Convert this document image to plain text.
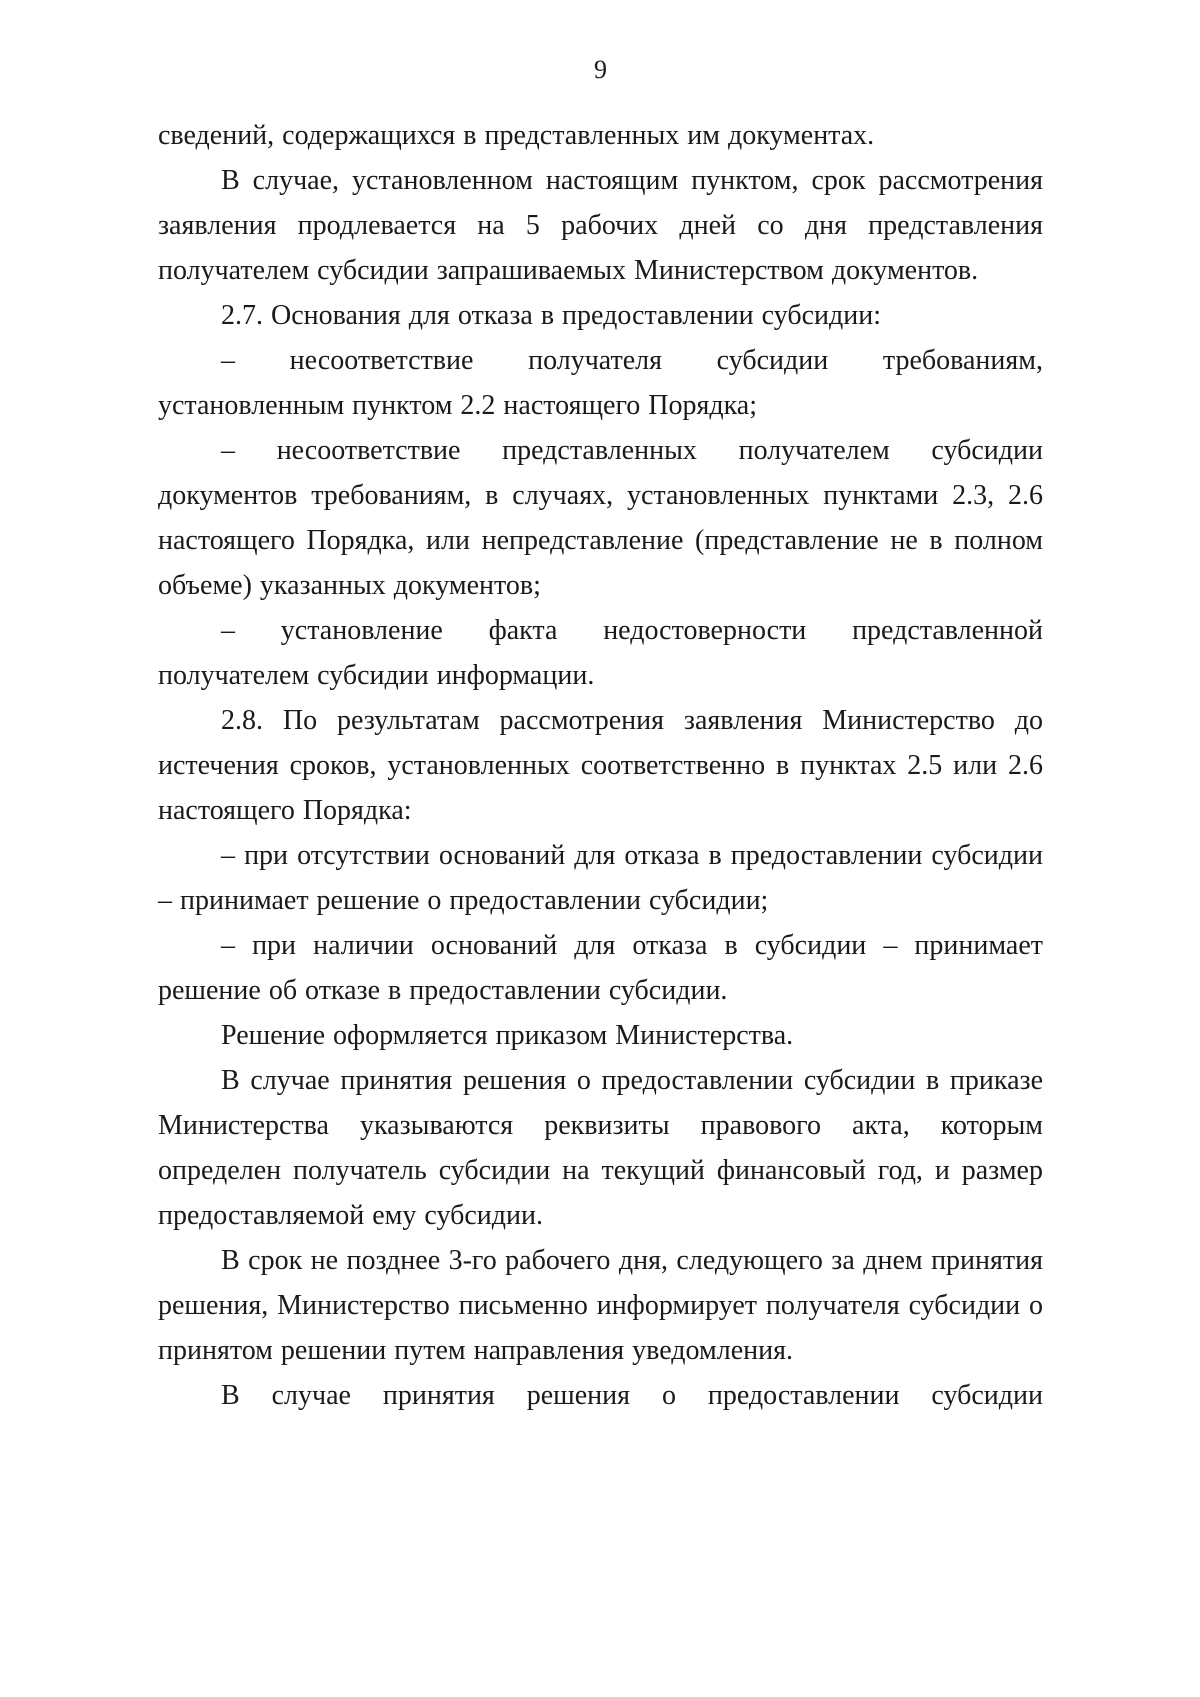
9

сведений, содержащихся в представленных им документах.

В случае, установленном настоящим пунктом, срок рассмотрения заявления продлевается на 5 рабочих дней со дня представления получателем субсидии запрашиваемых Министерством документов.

2.7. Основания для отказа в предоставлении субсидии:

– несоответствие получателя субсидии требованиям, установленным пунктом 2.2 настоящего Порядка;

– несоответствие представленных получателем субсидии документов требованиям, в случаях, установленных пунктами 2.3, 2.6 настоящего Порядка, или непредставление (представление не в полном объеме) указанных документов;

– установление факта недостоверности представленной получателем субсидии информации.

2.8. По результатам рассмотрения заявления Министерство до истечения сроков, установленных соответственно в пунктах 2.5 или 2.6 настоящего Порядка:

– при отсутствии оснований для отказа в предоставлении субсидии – принимает решение о предоставлении субсидии;

– при наличии оснований для отказа в субсидии – принимает решение об отказе в предоставлении субсидии.

Решение оформляется приказом Министерства.

В случае принятия решения о предоставлении субсидии в приказе Министерства указываются реквизиты правового акта, которым определен получатель субсидии на текущий финансовый год, и размер предоставляемой ему субсидии.

В срок не позднее 3-го рабочего дня, следующего за днем принятия решения, Министерство письменно информирует получателя субсидии о принятом решении путем направления уведомления.

В случае принятия решения о предоставлении субсидии
